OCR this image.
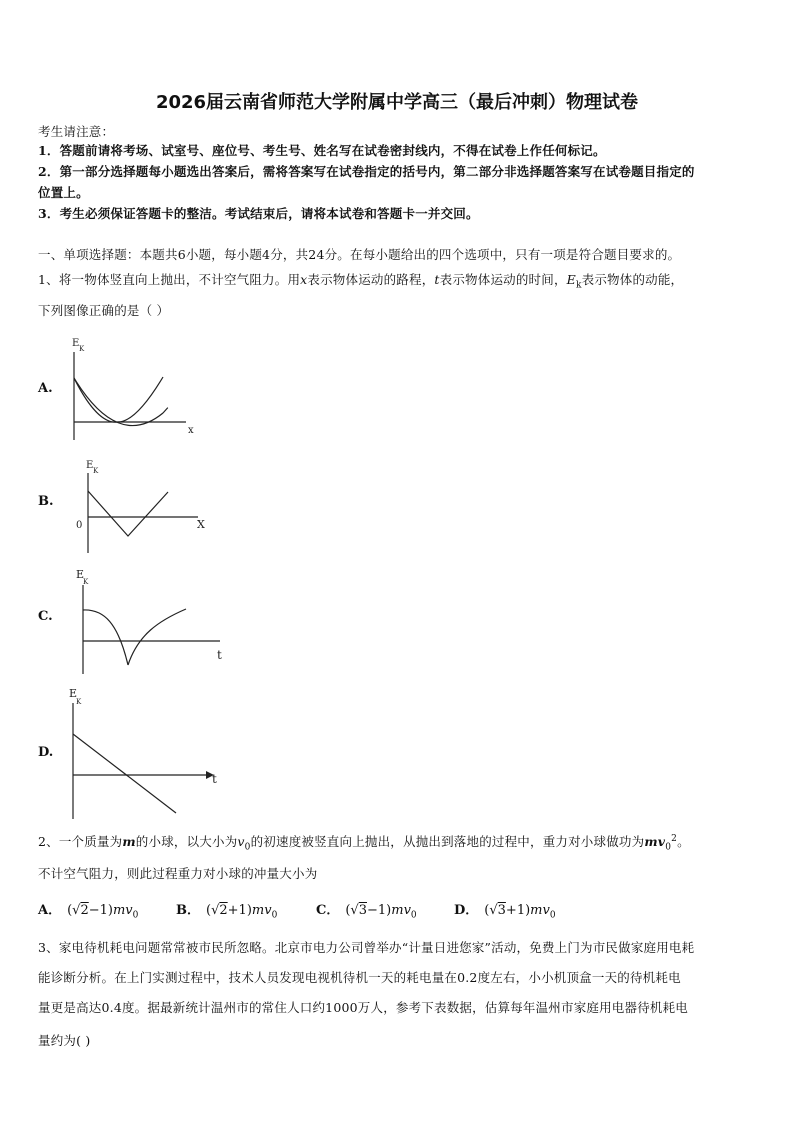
2026届云南省师范大学附属中学高三（最后冲刺）物理试卷
考生请注意：
1．答题前请将考场、试室号、座位号、考生号、姓名写在试卷密封线内，不得在试卷上作任何标记。
2．第一部分选择题每小题选出答案后，需将答案写在试卷指定的括号内，第二部分非选择题答案写在试卷题目指定的
位置上。
3．考生必须保证答题卡的整洁。考试结束后，请将本试卷和答题卡一并交回。
一、单项选择题：本题共6小题，每小题4分，共24分。在每小题给出的四个选项中，只有一项是符合题目要求的。
1、将一物体竖直向上抛出，不计空气阻力。用x表示物体运动的路程，t表示物体运动的时间，$E_k$表示物体的动能，
下列图像正确的是（ ）
A.
E K
x
B.
E K
0	X
C.
E
K
t
D.
E
K
t
2、一个质量为m的小球，以大小为$v_0$的初速度被竖直向上抛出，从抛出到落地的过程中，重力对小球做功为$mv_0^2$。
不计空气阻力，则此过程重力对小球的冲量大小为
A． $(√2-1)mv_0$	B． $(√2+1)mv_0$	C． $(√3-1)mv_0$	D． $(√3+1)mv_0$
3、家电待机耗电问题常常被市民所忽略。北京市电力公司曾举办“计量日进您家”活动，免费上门为市民做家庭用电耗
能诊断分析。在上门实测过程中，技术人员发现电视机待机一天的耗电量在0.2度左右，小小机顶盒一天的待机耗电
量更是高达0.4度。据最新统计温州市的常住人口约1000万人，参考下表数据，估算每年温州市家庭用电器待机耗电
量约为( )
